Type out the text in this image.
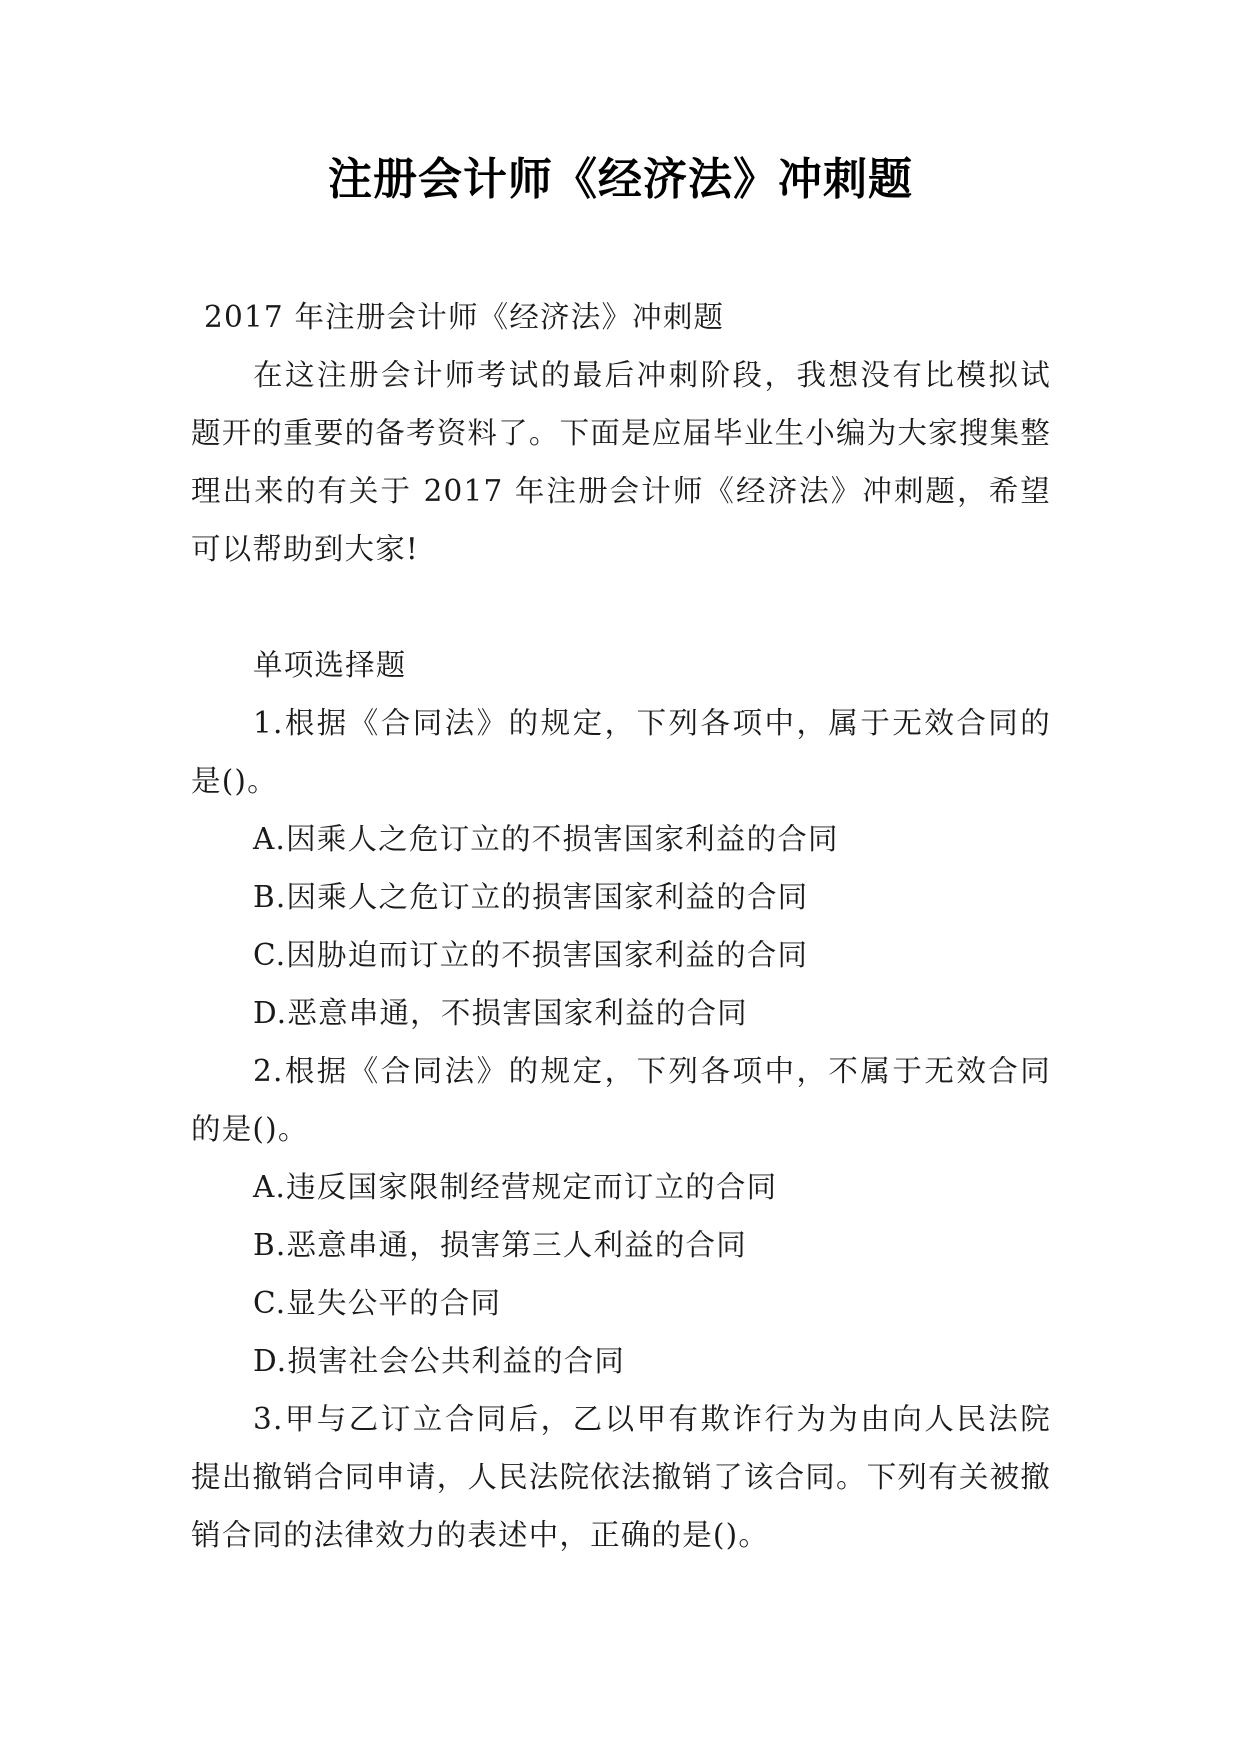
注册会计师《经济法》冲刺题

2017 年注册会计师《经济法》冲刺题

在这注册会计师考试的最后冲刺阶段，我想没有比模拟试题开的重要的备考资料了。下面是应届毕业生小编为大家搜集整理出来的有关于 2017 年注册会计师《经济法》冲刺题，希望可以帮助到大家!

单项选择题

1.根据《合同法》的规定，下列各项中，属于无效合同的是()。

A.因乘人之危订立的不损害国家利益的合同

B.因乘人之危订立的损害国家利益的合同

C.因胁迫而订立的不损害国家利益的合同

D.恶意串通，不损害国家利益的合同

2.根据《合同法》的规定，下列各项中，不属于无效合同的是()。

A.违反国家限制经营规定而订立的合同

B.恶意串通，损害第三人利益的合同

C.显失公平的合同

D.损害社会公共利益的合同

3.甲与乙订立合同后，乙以甲有欺诈行为为由向人民法院提出撤销合同申请，人民法院依法撤销了该合同。下列有关被撤销合同的法律效力的表述中，正确的是()。
